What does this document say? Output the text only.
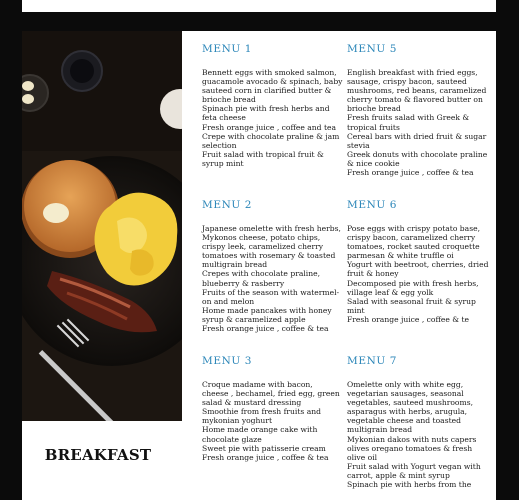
BREAKFAST
MENU 1
Bennett eggs with smoked salmon,
guacamole avocado & spinach, baby
sauteed corn in clarified butter &
brioche bread
Spinach pie with fresh herbs and
feta cheese
Fresh orange juice , coffee and tea
Crepe with chocolate praline & jam
selection
Fruit salad with tropical fruit &
syrup mint
MENU 2
Japanese omelette with fresh herbs,
Mykonos cheese, potato chips,
crispy leek, caramelized cherry
tomatoes with rosemary & toasted
multigrain bread
Crepes with chocolate praline,
blueberry & rasberry
Fruits of the season with watermel-
on and melon
Home made pancakes with honey
syrup & caramelized apple
Fresh orange juice , coffee & tea
MENU 3
Croque madame with bacon,
cheese , bechamel, fried egg, green
salad & mustard dressing
Smoothie from fresh fruits and
mykonian yoghurt
Home made orange cake with
chocolate glaze
Sweet pie with patisserie cream
Fresh orange juice , coffee & tea
MENU 5
English breakfast with fried eggs,
sausage, crispy bacon, sauteed
mushrooms, red beans, caramelized
cherry tomato & flavored butter on
brioche bread
Fresh fruits salad with Greek &
tropical fruits
Cereal bars with dried fruit & sugar
stevia
Greek donuts with chocolate praline
& nice cookie
Fresh orange juice , coffee & tea
MENU 6
Pose eggs with crispy potato base,
crispy bacon, caramelized cherry
tomatoes, rocket sauted croquette
parmesan & white truffle oi
Yogurt with beetroot, cherries, dried
fruit & honey
Decomposed pie with fresh herbs,
village leaf & egg yolk
Salad with seasonal fruit & syrup
mint
Fresh orange juice , coffee & te
MENU 7
Omelette only with white egg,
vegetarian sausages, seasonal
vegetables, sauteed mushrooms,
asparagus with herbs, arugula,
vegetable cheese and toasted
multigrain bread
Mykonian dakos with nuts capers
olives oregano tomatoes & fresh
olive oil
Fruit salad with Yogurt vegan with
carrot, apple & mint syrup
Spinach pie with herbs from the
